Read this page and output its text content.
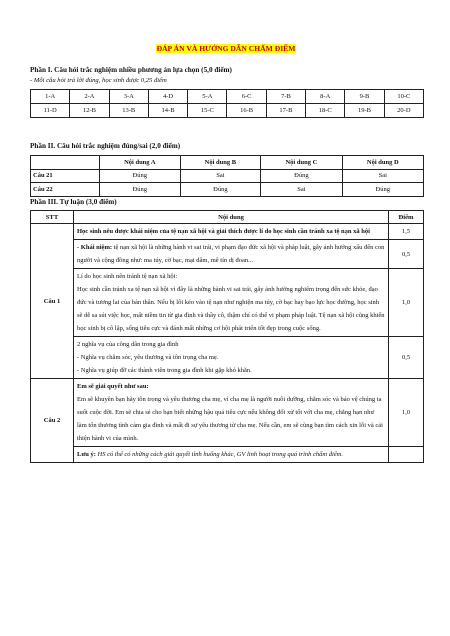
ĐÁP ÁN VÀ HƯỚNG DẪN CHẤM ĐIỂM
Phần I. Câu hỏi trắc nghiệm nhiều phương án lựa chọn (5,0 điểm)
- Mỗi câu hỏi trả lời đúng, học sinh được 0,25 điểm
1-A	2-A	3-A	4-D	5-A	6-C	7-B	8-A	9-B	10-C
11-D	12-B	13-B	14-B	15-C	16-B	17-B	18-C	19-B	20-D
Phần II. Câu hỏi trắc nghiệm đúng/sai (2,0 điểm)
	Nội dung A	Nội dung B	Nội dung C	Nội dung D
Câu 21	Đúng	Sai	Đúng	Sai
Câu 22	Đúng	Đúng	Sai	Đúng
Phần III. Tự luận (3,0 điểm)
STT	Nội dung	Điểm
Câu 1	Học sinh nêu được khái niệm của tệ nạn xã hội và giải thích được lí do học sinh cần tránh xa tệ nạn xã hội	1,5
	- Khái niệm: tệ nạn xã hội là những hành vi sai trái, vi phạm đạo đức xã hội và pháp luật, gây ảnh hưởng xấu đến con người và cộng đồng như: ma túy, cờ bạc, mại dâm, mê tín dị đoan...	0,5
	Lí do học sinh nên tránh tệ nạn xã hội:
Học sinh cần tránh xa tệ nạn xã hội vì đây là những hành vi sai trái, gây ảnh hưởng nghiêm trọng đến sức khỏe, đạo đức và tương lai của bản thân. Nếu bị lôi kéo vào tệ nạn như nghiện ma túy, cờ bạc hay bạo lực học đường, học sinh sẽ dễ sa sút việc học, mất niềm tin từ gia đình và thầy cô, thậm chí có thể vi phạm pháp luật. Tệ nạn xã hội cũng khiến học sinh bị cô lập, sống tiêu cực và đánh mất những cơ hội phát triển tốt đẹp trong cuộc sống.	1,0
	2 nghĩa vụ của công dân trong gia đình
- Nghĩa vụ chăm sóc, yêu thương và tôn trọng cha mẹ.
- Nghĩa vụ giúp đỡ các thành viên trong gia đình khi gặp khó khăn.	0,5
Câu 2	Em sẽ giải quyết như sau:
Em sẽ khuyên bạn hãy tôn trọng và yêu thương cha mẹ, vì cha mẹ là người nuôi dưỡng, chăm sóc và bảo vệ chúng ta suốt cuộc đời. Em sẽ chia sẻ cho bạn biết những hậu quả tiêu cực nếu không đối xử tốt với cha mẹ, chẳng hạn như làm tổn thương tình cảm gia đình và mất đi sự yêu thương từ cha mẹ. Nếu cần, em sẽ cùng bạn tìm cách xin lỗi và cải thiện hành vi của mình.	1,0
	Lưu ý: HS có thể có những cách giải quyết tình huống khác, GV linh hoạt trong quá trình chấm điểm.	
